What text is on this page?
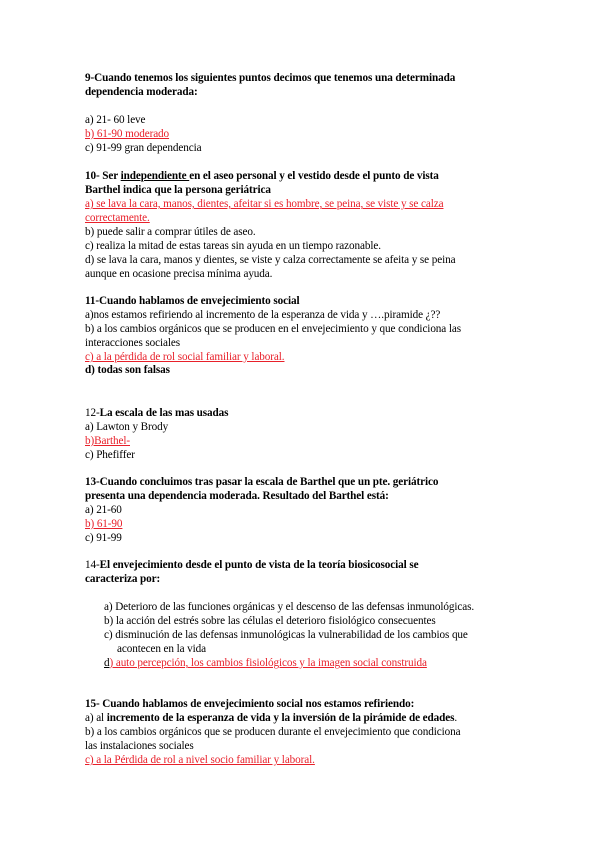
9-Cuando tenemos los siguientes puntos decimos que tenemos una determinada
dependencia moderada:
a) 21- 60 leve
b) 61-90 moderado
c) 91-99 gran dependencia
10- Ser independiente en el aseo personal y el vestido desde el punto de vista
Barthel indica que la persona geriátrica
a) se lava la cara, manos, dientes, afeitar si es hombre, se peina, se viste y se calza
correctamente.
b) puede salir a comprar útiles de aseo.
c) realiza la mitad de estas tareas sin ayuda en un tiempo razonable.
d) se lava la cara, manos y dientes, se viste y calza correctamente se afeita y se peina
aunque en ocasione precisa mínima ayuda.
11-Cuando hablamos de envejecimiento social
a)nos estamos refiriendo al incremento de la esperanza de vida y ….piramide ¿??
b) a los cambios orgánicos que se producen en el envejecimiento y que condiciona las
interacciones sociales
c) a la pérdida de rol social familiar y laboral.
d) todas son falsas
12-La escala de las mas usadas
a) Lawton y Brody
b)Barthel-
c) Phefiffer
13-Cuando concluimos tras pasar la escala de Barthel que un pte. geriátrico
presenta una dependencia moderada. Resultado del Barthel está:
a) 21-60
b) 61-90
c) 91-99
14-El envejecimiento desde el punto de vista de la teoría biosicosocial se
caracteriza por:
a) Deterioro de las funciones orgánicas y el descenso de las defensas inmunológicas.
b) la acción del estrés sobre las células el deterioro fisiológico consecuentes
c) disminución de las defensas inmunológicas la vulnerabilidad de los cambios que
acontecen en la vida
d) auto percepción, los cambios fisiológicos y la imagen social construida
15- Cuando hablamos de envejecimiento social nos estamos refiriendo:
a) al incremento de la esperanza de vida y la inversión de la pirámide de edades.
b) a los cambios orgánicos que se producen durante el envejecimiento que condiciona
las instalaciones sociales
c) a la Pérdida de rol a nivel socio familiar y laboral.
